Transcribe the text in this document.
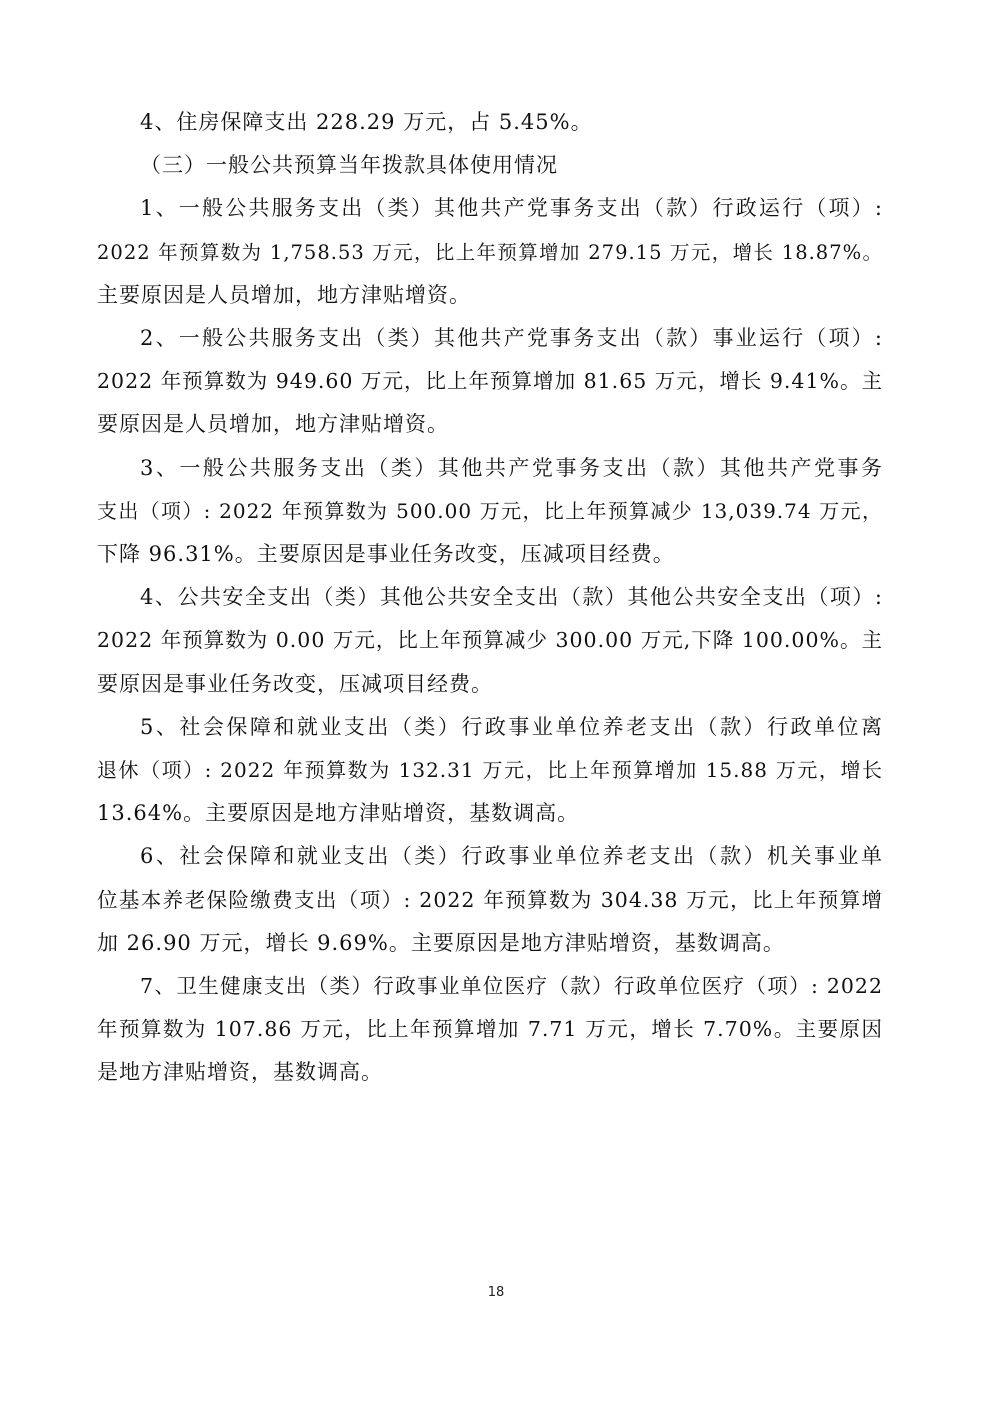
4、住房保障支出 228.29 万元，占 5.45%。

（三）一般公共预算当年拨款具体使用情况

1、一般公共服务支出（类）其他共产党事务支出（款）行政运行（项）:
2022 年预算数为 1,758.53 万元，比上年预算增加 279.15 万元，增长 18.87%。
主要原因是人员增加，地方津贴增资。

2、一般公共服务支出（类）其他共产党事务支出（款）事业运行（项）:
2022 年预算数为 949.60 万元，比上年预算增加 81.65 万元，增长 9.41%。主
要原因是人员增加，地方津贴增资。

3、一般公共服务支出（类）其他共产党事务支出（款）其他共产党事务
支出（项）: 2022 年预算数为 500.00 万元，比上年预算减少 13,039.74 万元，
下降 96.31%。主要原因是事业任务改变，压减项目经费。

4、公共安全支出（类）其他公共安全支出（款）其他公共安全支出（项）:
2022 年预算数为 0.00 万元，比上年预算减少 300.00 万元,下降 100.00%。主
要原因是事业任务改变，压减项目经费。

5、社会保障和就业支出（类）行政事业单位养老支出（款）行政单位离
退休（项）: 2022 年预算数为 132.31 万元，比上年预算增加 15.88 万元，增长
13.64%。主要原因是地方津贴增资，基数调高。

6、社会保障和就业支出（类）行政事业单位养老支出（款）机关事业单
位基本养老保险缴费支出（项）: 2022 年预算数为 304.38 万元，比上年预算增
加 26.90 万元，增长 9.69%。主要原因是地方津贴增资，基数调高。

7、卫生健康支出（类）行政事业单位医疗（款）行政单位医疗（项）: 2022
年预算数为 107.86 万元，比上年预算增加 7.71 万元，增长 7.70%。主要原因
是地方津贴增资，基数调高。

18
